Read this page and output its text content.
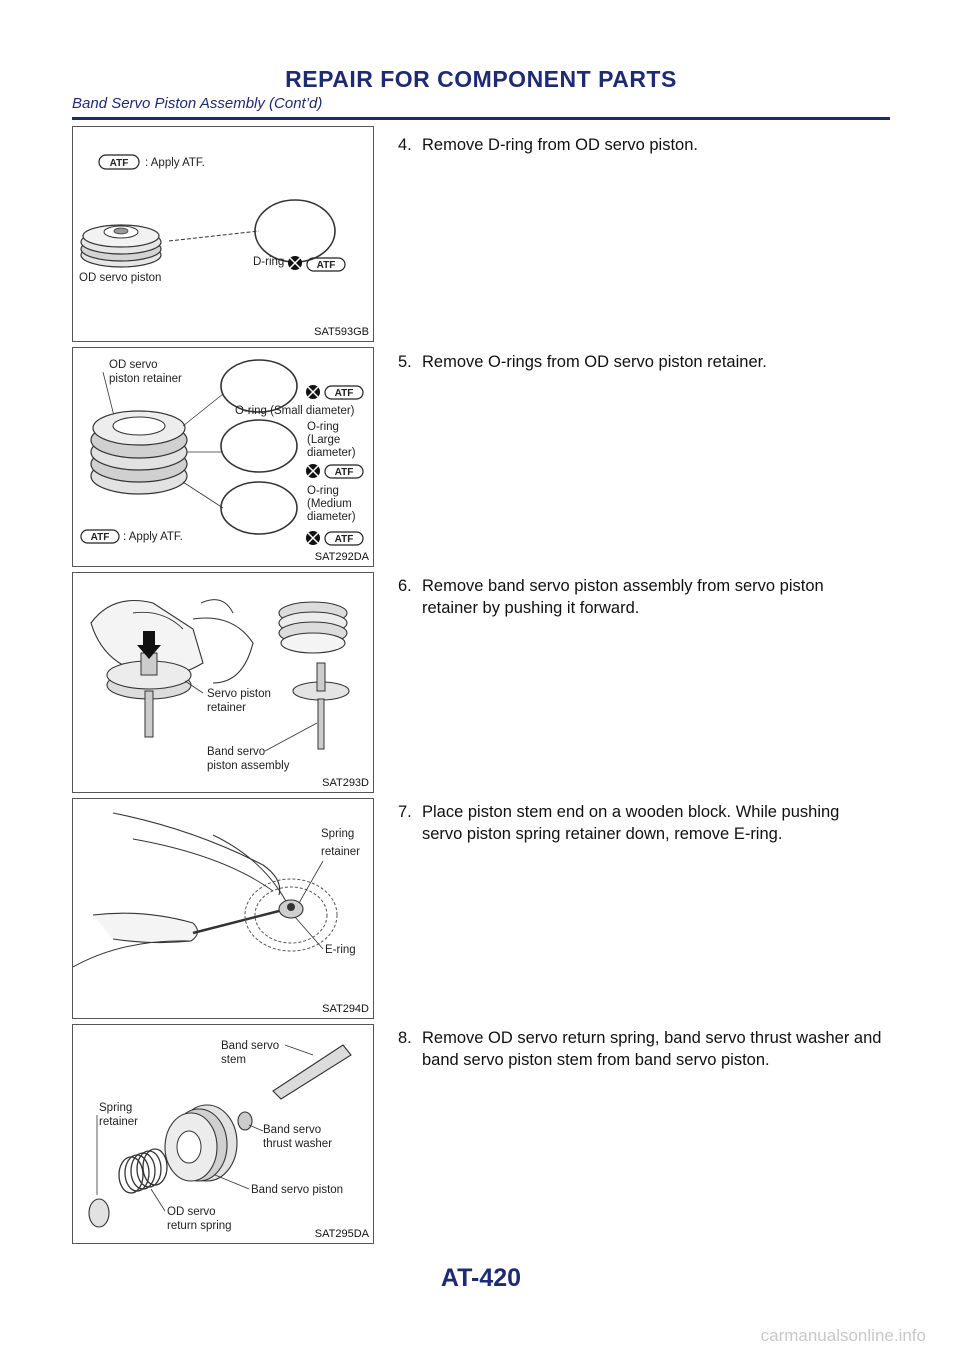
REPAIR FOR COMPONENT PARTS
Band Servo Piston Assembly (Cont’d)
ATF : Apply ATF.
OD servo piston
D-ring	ATF
SAT593GB
OD servo
piston retainer
ATF
O-ring (Small diameter)
O-ring
(Large
diameter)
ATF
O-ring
(Medium
diameter)
ATF
ATF : Apply ATF.
SAT292DA
Servo piston
retainer
Band servo
piston assembly
SAT293D
Spring
retainer
E-ring
SAT294D
Band servo
stem
Band servo
thrust washer
Band servo piston
Spring
retainer
OD servo
return spring
SAT295DA
4. Remove D-ring from OD servo piston.
5. Remove O-rings from OD servo piston retainer.
6. Remove band servo piston assembly from servo piston
retainer by pushing it forward.
7. Place piston stem end on a wooden block. While pushing
servo piston spring retainer down, remove E-ring.
8. Remove OD servo return spring, band servo thrust washer and
band servo piston stem from band servo piston.
AT-420
carmanualsonline.info
